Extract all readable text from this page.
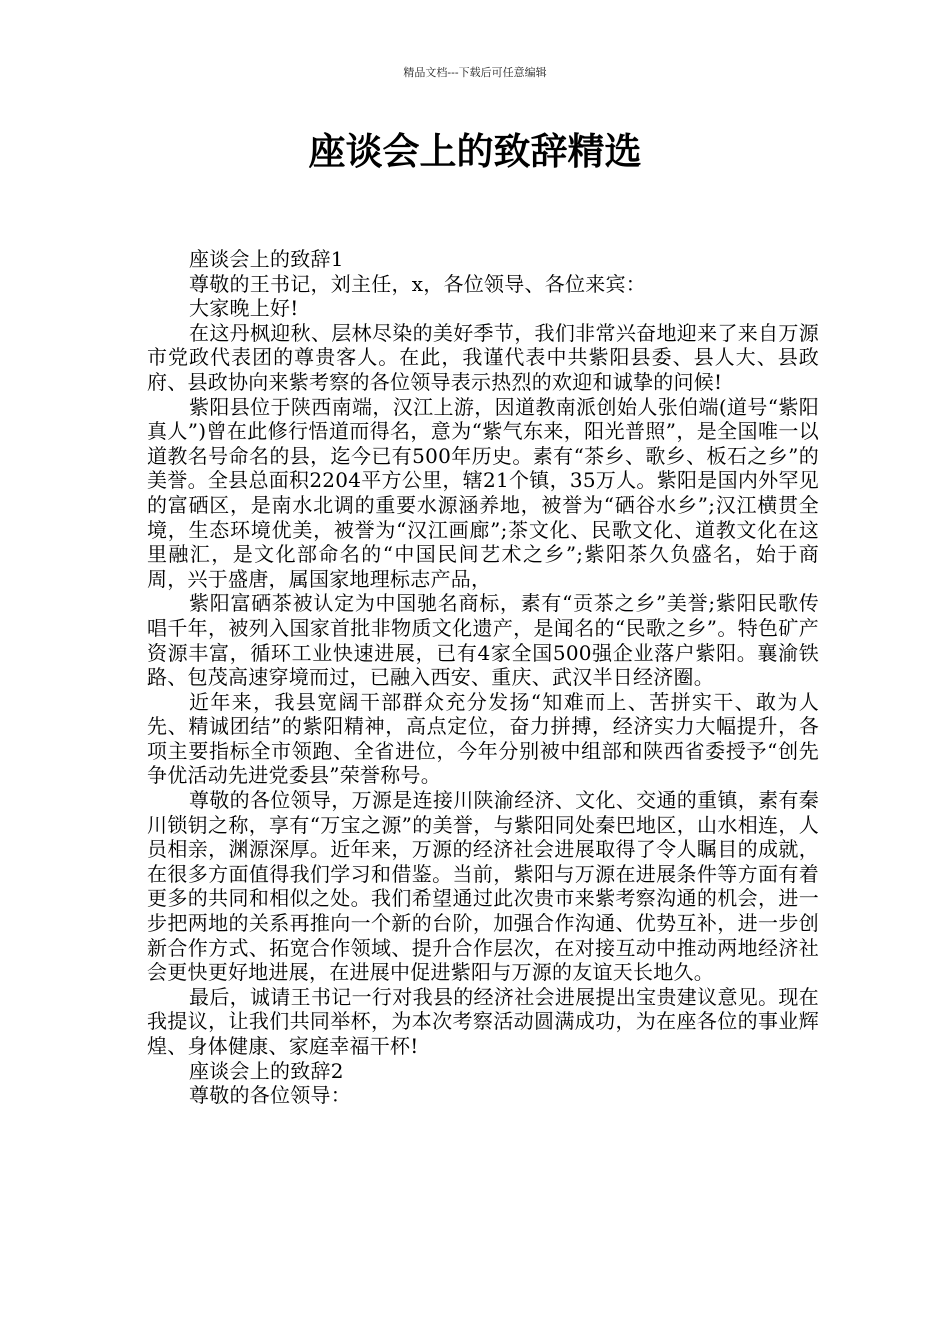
精品文档---下载后可任意编辑
座谈会上的致辞精选

座谈会上的致辞1

尊敬的王书记，刘主任，x，各位领导、各位来宾：

大家晚上好!

在这丹枫迎秋、层林尽染的美好季节，我们非常兴奋地迎来了来自万源市党政代表团的尊贵客人。在此，我谨代表中共紫阳县委、县人大、县政府、县政协向来紫考察的各位领导表示热烈的欢迎和诚挚的问候!

紫阳县位于陕西南端，汉江上游，因道教南派创始人张伯端(道号“紫阳真人”)曾在此修行悟道而得名，意为“紫气东来，阳光普照”，是全国唯一以道教名号命名的县，迄今已有500年历史。素有“茶乡、歌乡、板石之乡”的美誉。全县总面积2204平方公里，辖21个镇，35万人。紫阳是国内外罕见的富硒区，是南水北调的重要水源涵养地，被誉为“硒谷水乡”;汉江横贯全境，生态环境优美，被誉为“汉江画廊”;茶文化、民歌文化、道教文化在这里融汇，是文化部命名的“中国民间艺术之乡”;紫阳茶久负盛名，始于商周，兴于盛唐，属国家地理标志产品，

紫阳富硒茶被认定为中国驰名商标，素有“贡茶之乡”美誉;紫阳民歌传唱千年，被列入国家首批非物质文化遗产，是闻名的“民歌之乡”。特色矿产资源丰富，循环工业快速进展，已有4家全国500强企业落户紫阳。襄渝铁路、包茂高速穿境而过，已融入西安、重庆、武汉半日经济圈。

近年来，我县宽阔干部群众充分发扬“知难而上、苦拼实干、敢为人先、精诚团结”的紫阳精神，高点定位，奋力拼搏，经济实力大幅提升，各项主要指标全市领跑、全省进位，今年分别被中组部和陕西省委授予“创先争优活动先进党委县”荣誉称号。

尊敬的各位领导，万源是连接川陕渝经济、文化、交通的重镇，素有秦川锁钥之称，享有“万宝之源”的美誉，与紫阳同处秦巴地区，山水相连，人员相亲，渊源深厚。近年来，万源的经济社会进展取得了令人瞩目的成就，在很多方面值得我们学习和借鉴。当前，紫阳与万源在进展条件等方面有着更多的共同和相似之处。我们希望通过此次贵市来紫考察沟通的机会，进一步把两地的关系再推向一个新的台阶，加强合作沟通、优势互补，进一步创新合作方式、拓宽合作领域、提升合作层次，在对接互动中推动两地经济社会更快更好地进展，在进展中促进紫阳与万源的友谊天长地久。

最后，诚请王书记一行对我县的经济社会进展提出宝贵建议意见。现在我提议，让我们共同举杯，为本次考察活动圆满成功，为在座各位的事业辉煌、身体健康、家庭幸福干杯!

座谈会上的致辞2

尊敬的各位领导：
